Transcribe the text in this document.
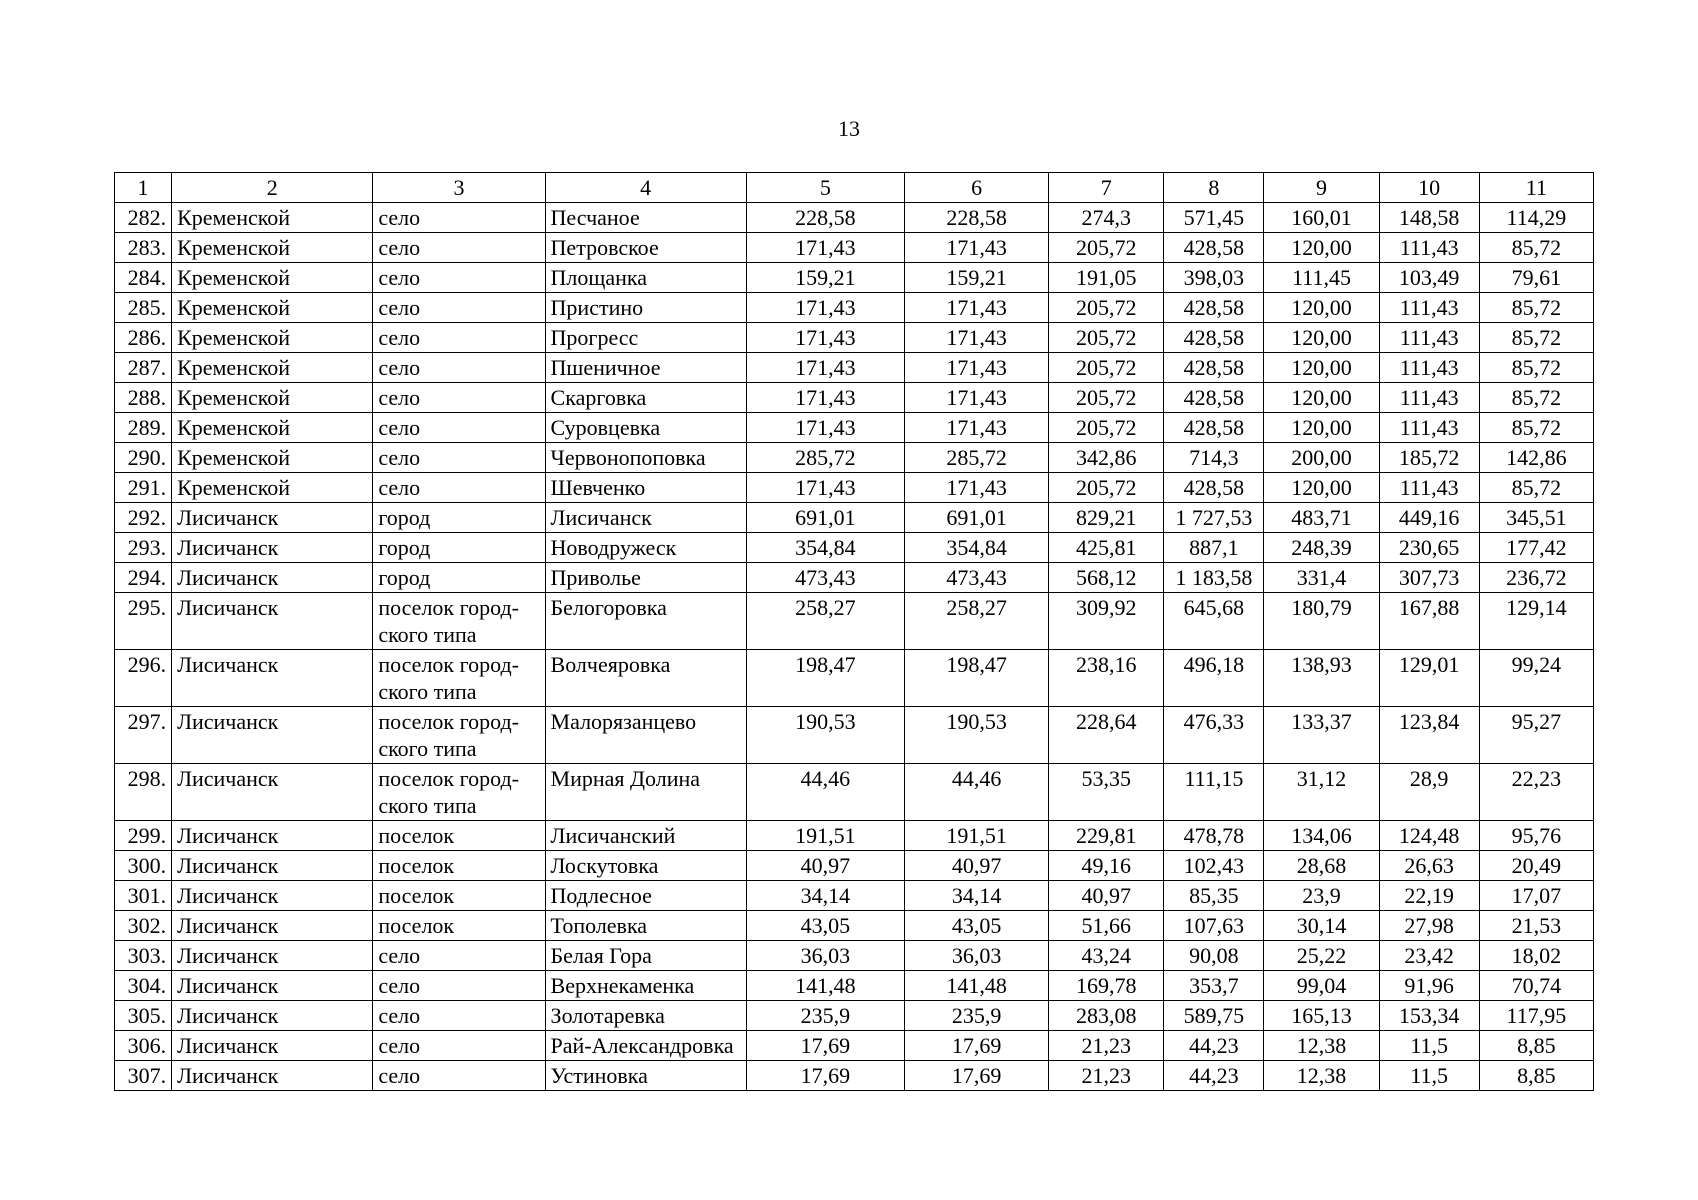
13
1	2	3	4	5	6	7	8	9	10	11
282.	Кременской	село	Песчаное	228,58	228,58	274,3	571,45	160,01	148,58	114,29
283.	Кременской	село	Петровское	171,43	171,43	205,72	428,58	120,00	111,43	85,72
284.	Кременской	село	Площанка	159,21	159,21	191,05	398,03	111,45	103,49	79,61
285.	Кременской	село	Пристино	171,43	171,43	205,72	428,58	120,00	111,43	85,72
286.	Кременской	село	Прогресс	171,43	171,43	205,72	428,58	120,00	111,43	85,72
287.	Кременской	село	Пшеничное	171,43	171,43	205,72	428,58	120,00	111,43	85,72
288.	Кременской	село	Скарговка	171,43	171,43	205,72	428,58	120,00	111,43	85,72
289.	Кременской	село	Суровцевка	171,43	171,43	205,72	428,58	120,00	111,43	85,72
290.	Кременской	село	Червонопоповка	285,72	285,72	342,86	714,3	200,00	185,72	142,86
291.	Кременской	село	Шевченко	171,43	171,43	205,72	428,58	120,00	111,43	85,72
292.	Лисичанск	город	Лисичанск	691,01	691,01	829,21	1 727,53	483,71	449,16	345,51
293.	Лисичанск	город	Новодружеск	354,84	354,84	425,81	887,1	248,39	230,65	177,42
294.	Лисичанск	город	Привольe	473,43	473,43	568,12	1 183,58	331,4	307,73	236,72
295.	Лисичанск	поселок город-ского типа	Белогоровка	258,27	258,27	309,92	645,68	180,79	167,88	129,14
296.	Лисичанск	поселок город-ского типа	Волчеяровка	198,47	198,47	238,16	496,18	138,93	129,01	99,24
297.	Лисичанск	поселок город-ского типа	Малорязанцево	190,53	190,53	228,64	476,33	133,37	123,84	95,27
298.	Лисичанск	поселок город-ского типа	Мирная Долина	44,46	44,46	53,35	111,15	31,12	28,9	22,23
299.	Лисичанск	поселок	Лисичанский	191,51	191,51	229,81	478,78	134,06	124,48	95,76
300.	Лисичанск	поселок	Лоскутовка	40,97	40,97	49,16	102,43	28,68	26,63	20,49
301.	Лисичанск	поселок	Подлесное	34,14	34,14	40,97	85,35	23,9	22,19	17,07
302.	Лисичанск	поселок	Тополевка	43,05	43,05	51,66	107,63	30,14	27,98	21,53
303.	Лисичанск	село	Белая Гора	36,03	36,03	43,24	90,08	25,22	23,42	18,02
304.	Лисичанск	село	Верхнекаменка	141,48	141,48	169,78	353,7	99,04	91,96	70,74
305.	Лисичанск	село	Золотаревка	235,9	235,9	283,08	589,75	165,13	153,34	117,95
306.	Лисичанск	село	Рай-Александровка	17,69	17,69	21,23	44,23	12,38	11,5	8,85
307.	Лисичанск	село	Устиновка	17,69	17,69	21,23	44,23	12,38	11,5	8,85
